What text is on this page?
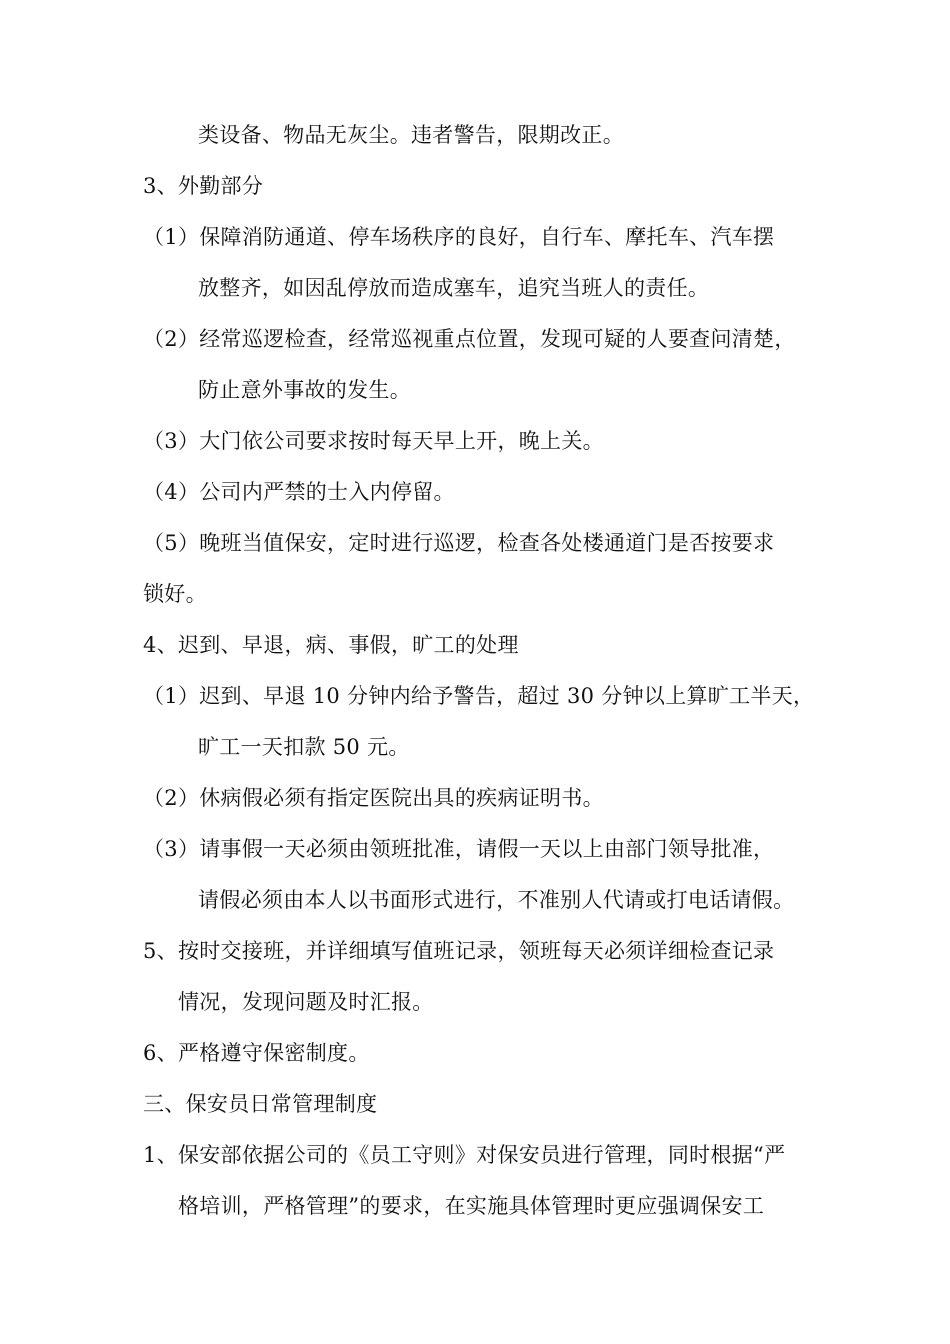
类设备、物品无灰尘。违者警告，限期改正。
3、外勤部分
（1）保障消防通道、停车场秩序的良好，自行车、摩托车、汽车摆
放整齐，如因乱停放而造成塞车，追究当班人的责任。
（2）经常巡逻检查，经常巡视重点位置，发现可疑的人要查问清楚，
防止意外事故的发生。
（3）大门依公司要求按时每天早上开，晚上关。
（4）公司内严禁的士入内停留。
（5）晚班当值保安，定时进行巡逻，检查各处楼通道门是否按要求
锁好。
4、迟到、早退，病、事假，旷工的处理
（1）迟到、早退 10 分钟内给予警告，超过 30 分钟以上算旷工半天，
旷工一天扣款 50 元。
（2）休病假必须有指定医院出具的疾病证明书。
（3）请事假一天必须由领班批准，请假一天以上由部门领导批准，
请假必须由本人以书面形式进行，不准别人代请或打电话请假。
5、按时交接班，并详细填写值班记录，领班每天必须详细检查记录
情况，发现问题及时汇报。
6、严格遵守保密制度。
三、保安员日常管理制度
1、保安部依据公司的《员工守则》对保安员进行管理，同时根据“严
格培训，严格管理”的要求，在实施具体管理时更应强调保安工
